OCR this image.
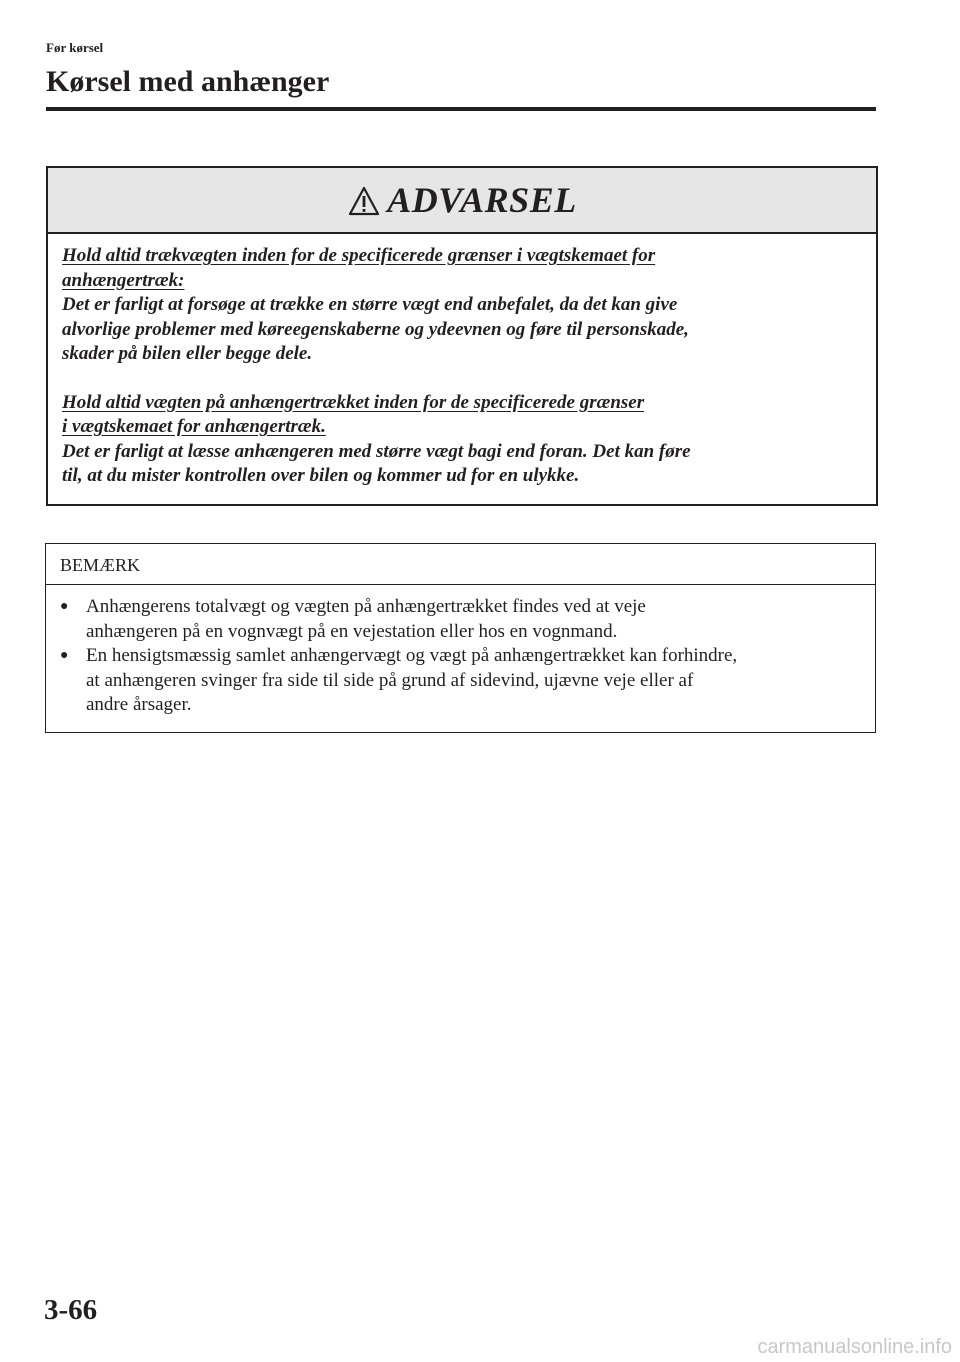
Før kørsel
Kørsel med anhænger
ADVARSEL

Hold altid trækvægten inden for de specificerede grænser i vægtskemaet for
anhængertræk:
Det er farligt at forsøge at trække en større vægt end anbefalet, da det kan give
alvorlige problemer med køreegenskaberne og ydeevnen og føre til personskade,
skader på bilen eller begge dele.

Hold altid vægten på anhængertrækket inden for de specificerede grænser
i vægtskemaet for anhængertræk.
Det er farligt at læsse anhængeren med større vægt bagi end foran. Det kan føre
til, at du mister kontrollen over bilen og kommer ud for en ulykke.

BEMÆRK
● Anhængerens totalvægt og vægten på anhængertrækket findes ved at veje
anhængeren på en vognvægt på en vejestation eller hos en vognmand.
● En hensigtsmæssig samlet anhængervægt og vægt på anhængertrækket kan forhindre,
at anhængeren svinger fra side til side på grund af sidevind, ujævne veje eller af
andre årsager.
3-66
carmanualsonline.info
